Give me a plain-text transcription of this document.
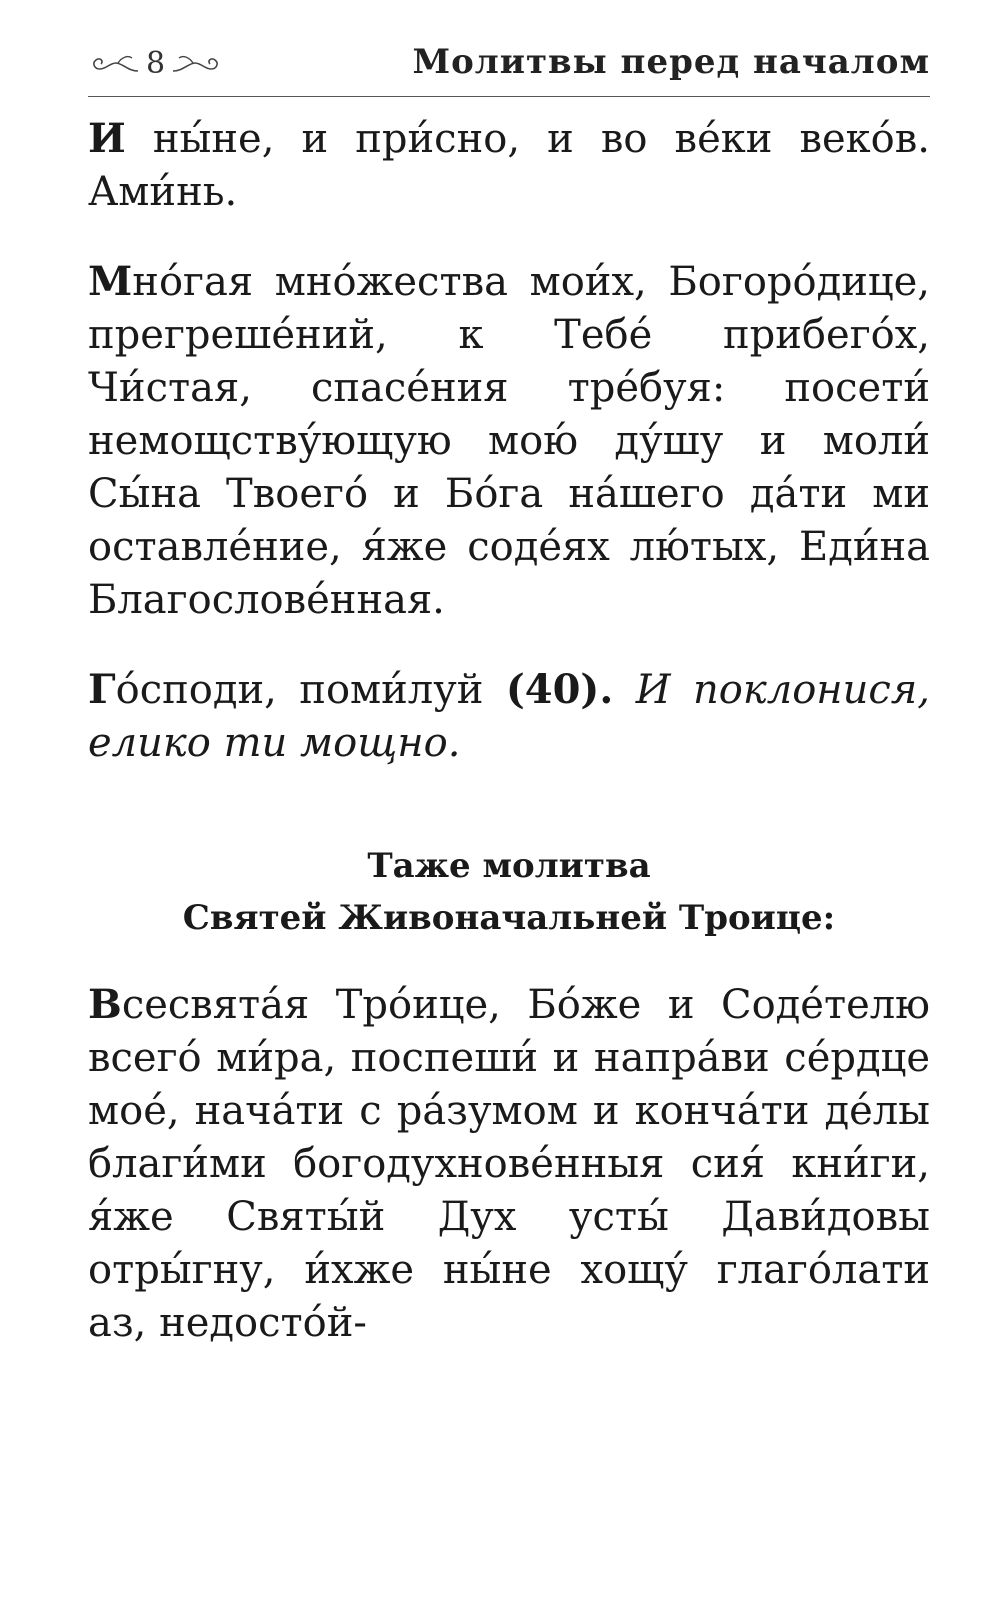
8	Молитвы перед началом

И ны́не, и при́сно, и во ве́ки веко́в. Ами́нь.

Мно́гая мно́жества мои́х, Богоро́дице, прегреше́ний, к Тебе́ прибего́х, Чи́стая, спасе́ния тре́буя: посети́ немощству́ющую мою́ ду́шу и моли́ Сы́на Твоего́ и Бо́га на́шего да́ти ми оставле́ние, я́же соде́ях лю́тых, Еди́на Благослове́нная.

Го́споди, поми́луй (40). И поклонися, елико ти мощно.

Таже молитва
Святей Живоначальней Троице:

Всесвята́я Тро́ице, Бо́же и Соде́телю всего́ ми́ра, поспеши́ и напра́ви се́рдце мое́, нача́ти с ра́зумом и конча́ти де́лы благи́ми богодухнове́нныя сия́ кни́ги, я́же Святы́й Дух усты́ Дави́довы отры́гну, и́хже ны́не хощу́ глаго́лати аз, недосто́й-
